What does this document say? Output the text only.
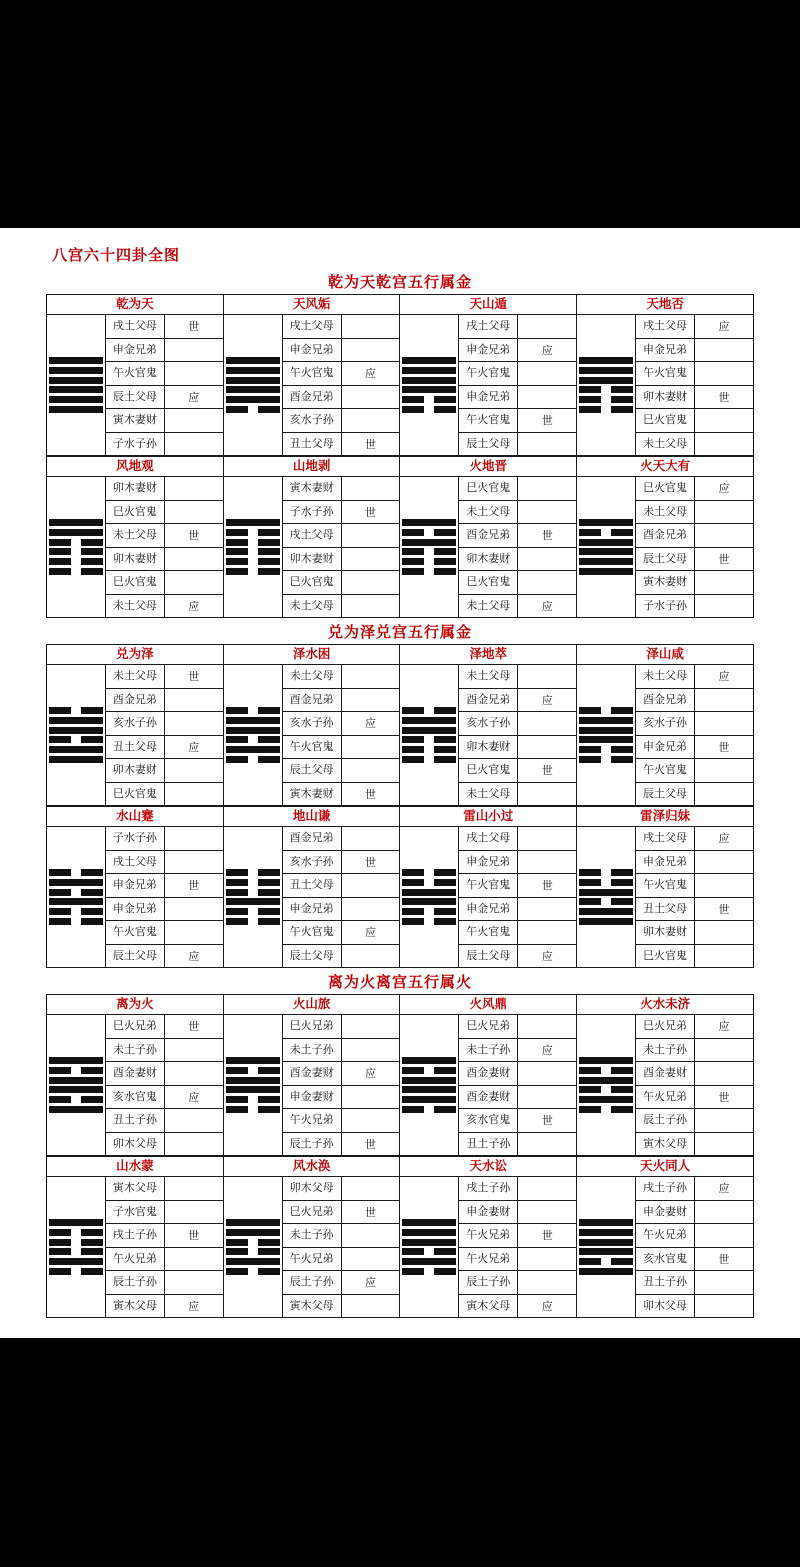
八宫六十四卦全图
乾为天乾宫五行属金
乾为天			天风姤			天山遁			天地否		

	戌土父母	世		戌土父母			戌土父母			戌土父母	应
	申金兄弟			申金兄弟			申金兄弟	应		申金兄弟	
	午火官鬼			午火官鬼	应		午火官鬼			午火官鬼	
	辰土父母	应		酉金兄弟			申金兄弟			卯木妻财	世
	寅木妻财			亥水子孙			午火官鬼	世		巳火官鬼	
	子水子孙			丑土父母	世		辰土父母			未土父母	
风地观			山地剥			火地晋			火天大有		

	卯木妻财			寅木妻财			巳火官鬼			巳火官鬼	应
	巳火官鬼			子水子孙	世		未土父母			未土父母	
	未土父母	世		戌土父母			酉金兄弟	世		酉金兄弟	
	卯木妻财			卯木妻财			卯木妻财			辰土父母	世
	巳火官鬼			巳火官鬼			巳火官鬼			寅木妻财	
	未土父母	应		未土父母			未土父母	应		子水子孙	
兑为泽兑宫五行属金
兑为泽			泽水困			泽地萃			泽山咸		

	未土父母	世		未土父母			未土父母			未土父母	应
	酉金兄弟			酉金兄弟			酉金兄弟	应		酉金兄弟	
	亥水子孙			亥水子孙	应		亥水子孙			亥水子孙	
	丑土父母	应		午火官鬼			卯木妻财			申金兄弟	世
	卯木妻财			辰土父母			巳火官鬼	世		午火官鬼	
	巳火官鬼			寅木妻财	世		未土父母			辰土父母	
水山蹇			地山谦			雷山小过			雷泽归妹		

	子水子孙			酉金兄弟			戌土父母			戌土父母	应
	戌土父母			亥水子孙	世		申金兄弟			申金兄弟	
	申金兄弟	世		丑土父母			午火官鬼	世		午火官鬼	
	申金兄弟			申金兄弟			申金兄弟			丑土父母	世
	午火官鬼			午火官鬼	应		午火官鬼			卯木妻财	
	辰土父母	应		辰土父母			辰土父母	应		巳火官鬼	
离为火离宫五行属火
离为火			火山旅			火风鼎			火水未济		

	巳火兄弟	世		巳火兄弟			巳火兄弟			巳火兄弟	应
	未土子孙			未土子孙			未土子孙	应		未土子孙	
	酉金妻财			酉金妻财	应		酉金妻财			酉金妻财	
	亥水官鬼	应		申金妻财			酉金妻财			午火兄弟	世
	丑土子孙			午火兄弟			亥水官鬼	世		辰土子孙	
	卯木父母			辰土子孙	世		丑土子孙			寅木父母	
山水蒙			风水涣			天水讼			天火同人		

	寅木父母			卯木父母			戌土子孙			戌土子孙	应
	子水官鬼			巳火兄弟	世		申金妻财			申金妻财	
	戌土子孙	世		未土子孙			午火兄弟	世		午火兄弟	
	午火兄弟			午火兄弟			午火兄弟			亥水官鬼	世
	辰土子孙			辰土子孙	应		辰土子孙			丑土子孙	
	寅木父母	应		寅木父母			寅木父母	应		卯木父母	
